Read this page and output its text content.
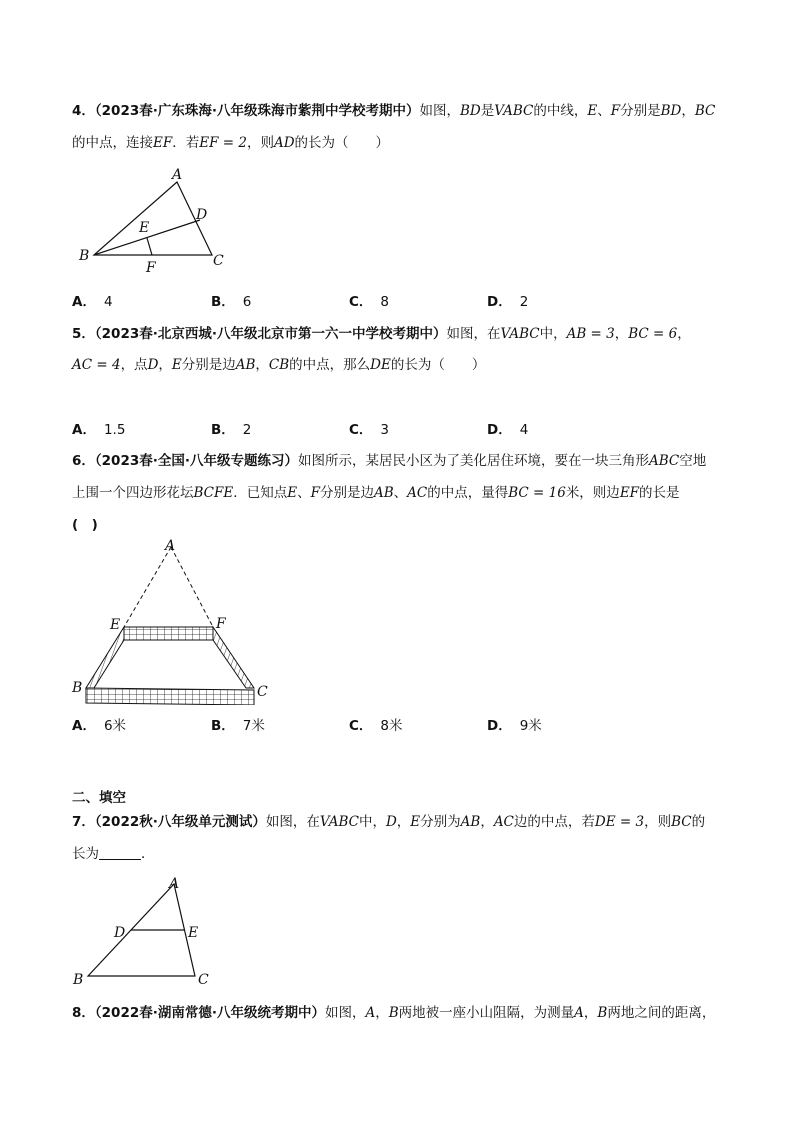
4．（2023春·广东珠海·八年级珠海市紫荆中学校考期中）如图，BD是VABC的中线，E、F分别是BD，BC
的中点，连接EF．若EF = 2，则AD的长为（　　）
A
B	C
D
E
F
A． 4	B． 6	C． 8	D． 2
5．（2023春·北京西城·八年级北京市第一六一中学校考期中）如图，在VABC中，AB = 3，BC = 6，
AC = 4，点D，E分别是边AB，CB的中点，那么DE的长为（　　）
A． 1.5	B． 2	C． 3	D． 4
6．（2023春·全国·八年级专题练习）如图所示，某居民小区为了美化居住环境，要在一块三角形ABC空地
上围一个四边形花坛BCFE．已知点E、F分别是边AB、AC的中点，量得BC = 16米，则边EF的长是
(　)
A
E	F
B	C
A． 6米	B． 7米	C． 8米	D． 9米
二、填空
7．（2022秋·八年级单元测试）如图，在VABC中，D，E分别为AB，AC边的中点，若DE = 3，则BC的
长为	．
A
D	E
B	C
8．（2022春·湖南常德·八年级统考期中）如图，A，B两地被一座小山阻隔，为测量A，B两地之间的距离，
